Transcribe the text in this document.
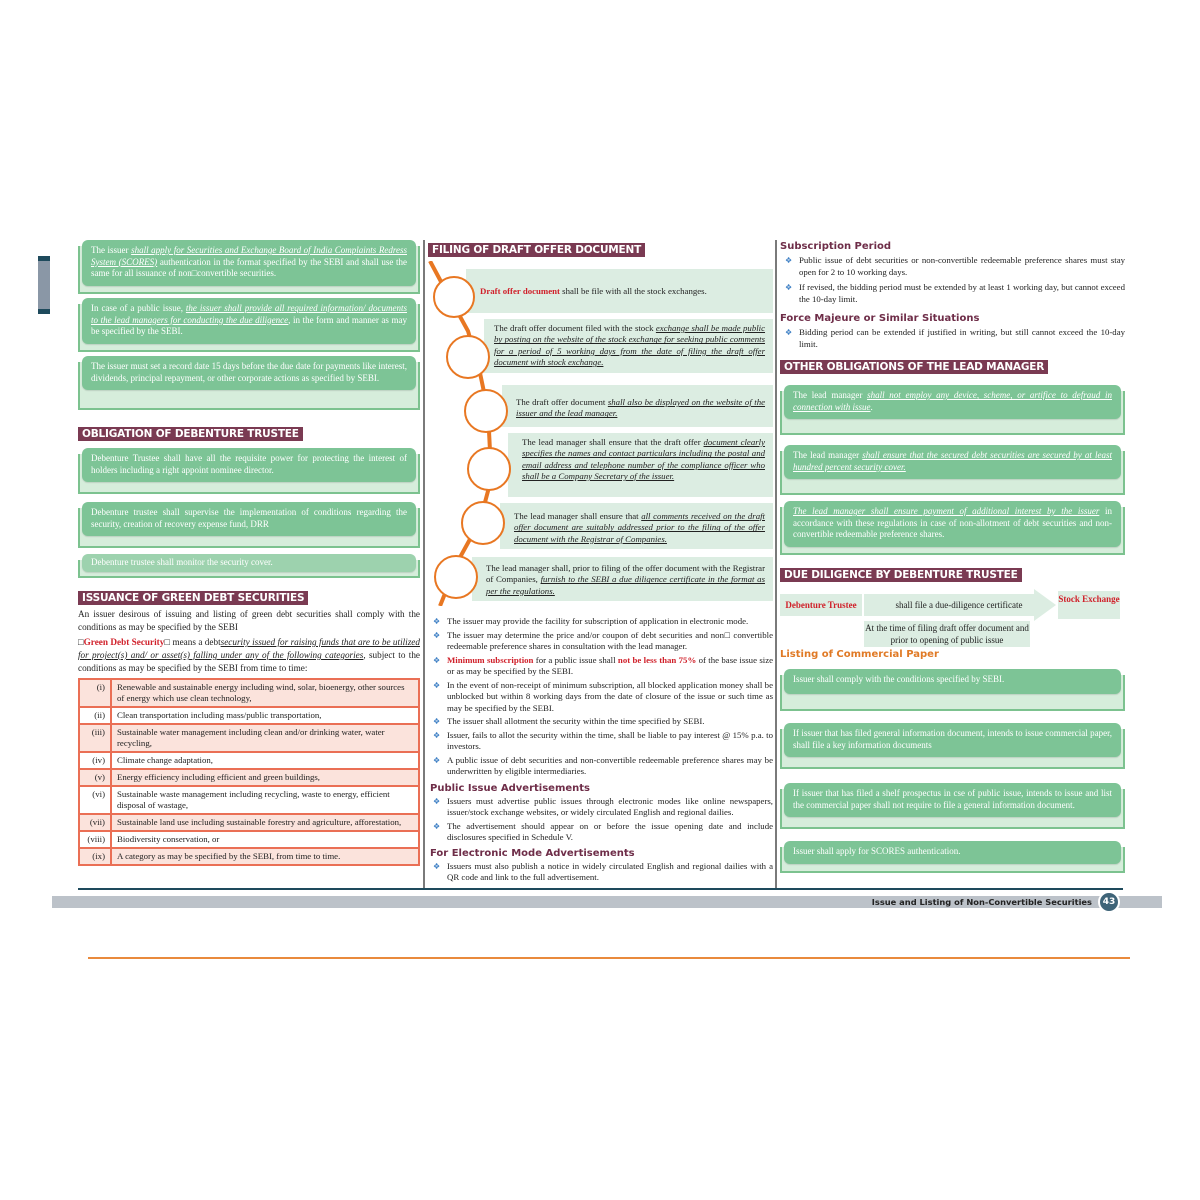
The issuer shall apply for Securities and Exchange Board of India Complaints Redress System (SCORES) authentication in the format specified by the SEBI and shall use the same for all issuance of non□convertible securities.
In case of a public issue, the issuer shall provide all required information/ documents to the lead managers for conducting the due diligence, in the form and manner as may be specified by the SEBI.
The issuer must set a record date 15 days before the due date for payments like interest, dividends, principal repayment, or other corporate actions as specified by SEBI.
OBLIGATION OF DEBENTURE TRUSTEE
Debenture Trustee shall have all the requisite power for protecting the interest of holders including a right appoint nominee director.
Debenture trustee shall supervise the implementation of conditions regarding the security, creation of recovery expense fund, DRR
Debenture trustee shall monitor the security cover.
ISSUANCE OF GREEN DEBT SECURITIES

An issuer desirous of issuing and listing of green debt securities shall comply with the conditions as may be specified by the SEBI

□Green Debt Security□ means a debtsecurity issued for raising funds that are to be utilized for project(s) and/ or asset(s) falling under any of the following categories, subject to the conditions as may be specified by the SEBI from time to time:

(i)	Renewable and sustainable energy including wind, solar, bioenergy, other sources of energy which use clean technology,
(ii)	Clean transportation including mass/public transportation,
(iii)	Sustainable water management including clean and/or drinking water, water recycling,
(iv)	Climate change adaptation,
(v)	Energy efficiency including efficient and green buildings,
(vi)	Sustainable waste management including recycling, waste to energy, efficient disposal of wastage,
(vii)	Sustainable land use including sustainable forestry and agriculture, afforestation,
(viii)	Biodiversity conservation, or
(ix)	A category as may be specified by the SEBI, from time to time.
FILING OF DRAFT OFFER DOCUMENT
Draft offer document shall be file with all the stock exchanges.
The draft offer document filed with the stock exchange shall be made public by posting on the website of the stock exchange for seeking public comments for a period of 5 working days from the date of filing the draft offer document with stock exchange.
The draft offer document shall also be displayed on the website of the issuer and the lead manager.
The lead manager shall ensure that the draft offer document clearly specifies the names and contact particulars including the postal and email address and telephone number of the compliance officer who shall be a Company Secretary of the issuer.
The lead manager shall ensure that all comments received on the draft offer document are suitably addressed prior to the filing of the offer document with the Registrar of Companies.
The lead manager shall, prior to filing of the offer document with the Registrar of Companies, furnish to the SEBI a due diligence certificate in the format as per the regulations.
❖ The issuer may provide the facility for subscription of application in electronic mode.
❖ The issuer may determine the price and/or coupon of debt securities and non□ convertible redeemable preference shares in consultation with the lead manager.
❖ Minimum subscription for a public issue shall not be less than 75% of the base issue size or as may be specified by the SEBI.
❖ In the event of non-receipt of minimum subscription, all blocked application money shall be unblocked but within 8 working days from the date of closure of the issue or such time as may be specified by the SEBI.
❖ The issuer shall allotment the security within the time specified by SEBI.
❖ Issuer, fails to allot the security within the time, shall be liable to pay interest @ 15% p.a. to investors.
❖ A public issue of debt securities and non-convertible redeemable preference shares may be underwritten by eligible intermediaries.
Public Issue Advertisements
❖ Issuers must advertise public issues through electronic modes like online newspapers, issuer/stock exchange websites, or widely circulated English and regional dailies.
❖ The advertisement should appear on or before the issue opening date and include disclosures specified in Schedule V.
For Electronic Mode Advertisements
❖ Issuers must also publish a notice in widely circulated English and regional dailies with a QR code and link to the full advertisement.
Subscription Period
❖ Public issue of debt securities or non-convertible redeemable preference shares must stay open for 2 to 10 working days.
❖ If revised, the bidding period must be extended by at least 1 working day, but cannot exceed the 10-day limit.
Force Majeure or Similar Situations
❖ Bidding period can be extended if justified in writing, but still cannot exceed the 10-day limit.
OTHER OBLIGATIONS OF THE LEAD MANAGER
The lead manager shall not employ any device, scheme, or artifice to defraud in connection with issue.
The lead manager shall ensure that the secured debt securities are secured by at least hundred percent security cover.
The lead manager shall ensure payment of additional interest by the issuer in accordance with these regulations in case of non-allotment of debt securities and non-convertible redeemable preference shares.
DUE DILIGENCE BY DEBENTURE TRUSTEE
Debenture Trustee	shall file a due-diligence certificate
Stock Exchange
At the time of filing draft offer document and prior to opening of public issue
Listing of Commercial Paper
Issuer shall comply with the conditions specified by SEBI.
If issuer that has filed general information document, intends to issue commercial paper, shall file a key information documents
If issuer that has filed a shelf prospectus in cse of public issue, intends to issue and list the commercial paper shall not require to file a general information document.
Issuer shall apply for SCORES authentication.
Issue and Listing of Non-Convertible Securities	43
